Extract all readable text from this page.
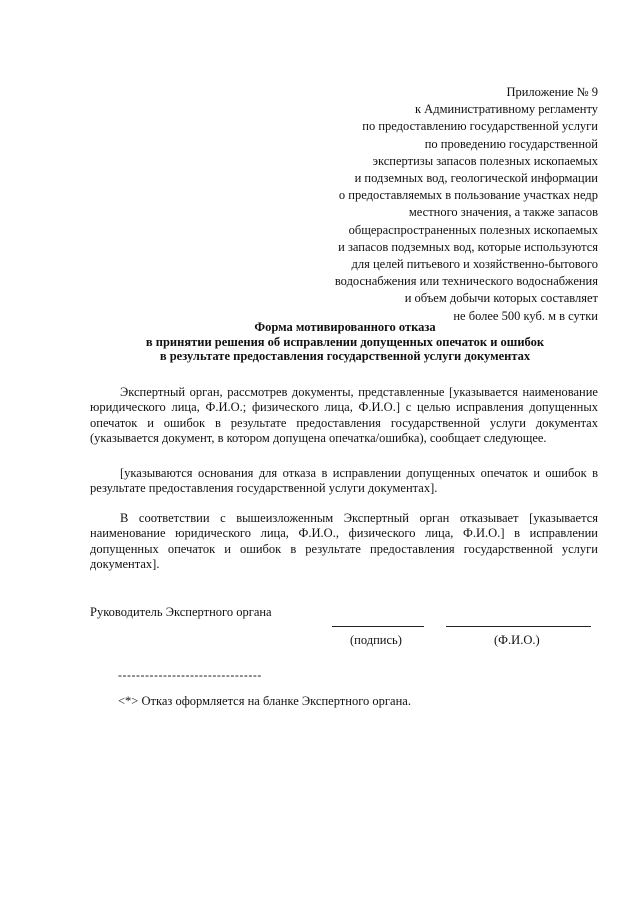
Приложение № 9
к Административному регламенту
по предоставлению государственной услуги
по проведению государственной
экспертизы запасов полезных ископаемых
и подземных вод, геологической информации
о предоставляемых в пользование участках недр
местного значения, а также запасов
общераспространенных полезных ископаемых
и запасов подземных вод, которые используются
для целей питьевого и хозяйственно-бытового
водоснабжения или технического водоснабжения
и объем добычи которых составляет
не более 500 куб. м в сутки
Форма мотивированного отказа
в принятии решения об исправлении допущенных опечаток и ошибок
в результате предоставления государственной услуги документах

Экспертный орган, рассмотрев документы, представленные [указывается наименование юридического лица, Ф.И.О.; физического лица, Ф.И.О.] с целью исправления допущенных опечаток и ошибок в результате предоставления государственной услуги документах (указывается документ, в котором допущена опечатка/ошибка), сообщает следующее.

[указываются основания для отказа в исправлении допущенных опечаток и ошибок в результате предоставления государственной услуги документах].

В соответствии с вышеизложенным Экспертный орган отказывает [указывается наименование юридического лица, Ф.И.О., физического лица, Ф.И.О.] в исправлении допущенных опечаток и ошибок в результате предоставления государственной услуги документах].

Руководитель Экспертного органа
(подпись)	(Ф.И.О.)
--------------------------------
<*> Отказ оформляется на бланке Экспертного органа.
